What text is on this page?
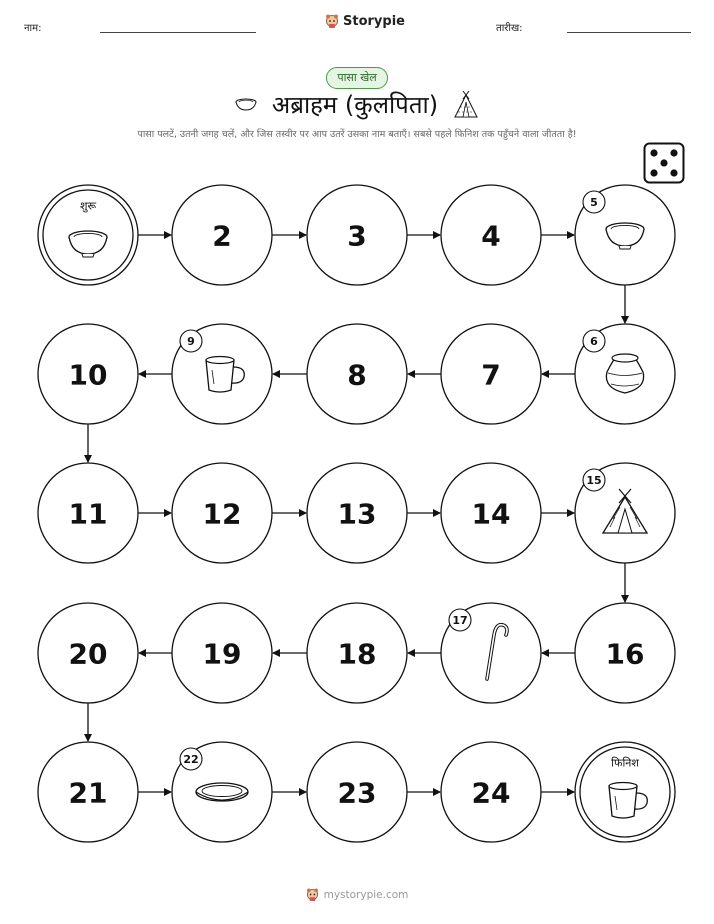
नाम:	Storypie	तारीख:
पासा खेल
अब्राहम (कुलपिता)
पासा पलटें, उतनी जगह चलें, और जिस तस्वीर पर आप उतरें उसका नाम बताएँ। सबसे पहले फिनिश तक पहुँचने वाला जीतता है!
शुरू
2	3	4
5
6
7
8
9
10
11	12	13	14
15
16
17
18
19
20
21
22
23	24
फिनिश
mystorypie.com
